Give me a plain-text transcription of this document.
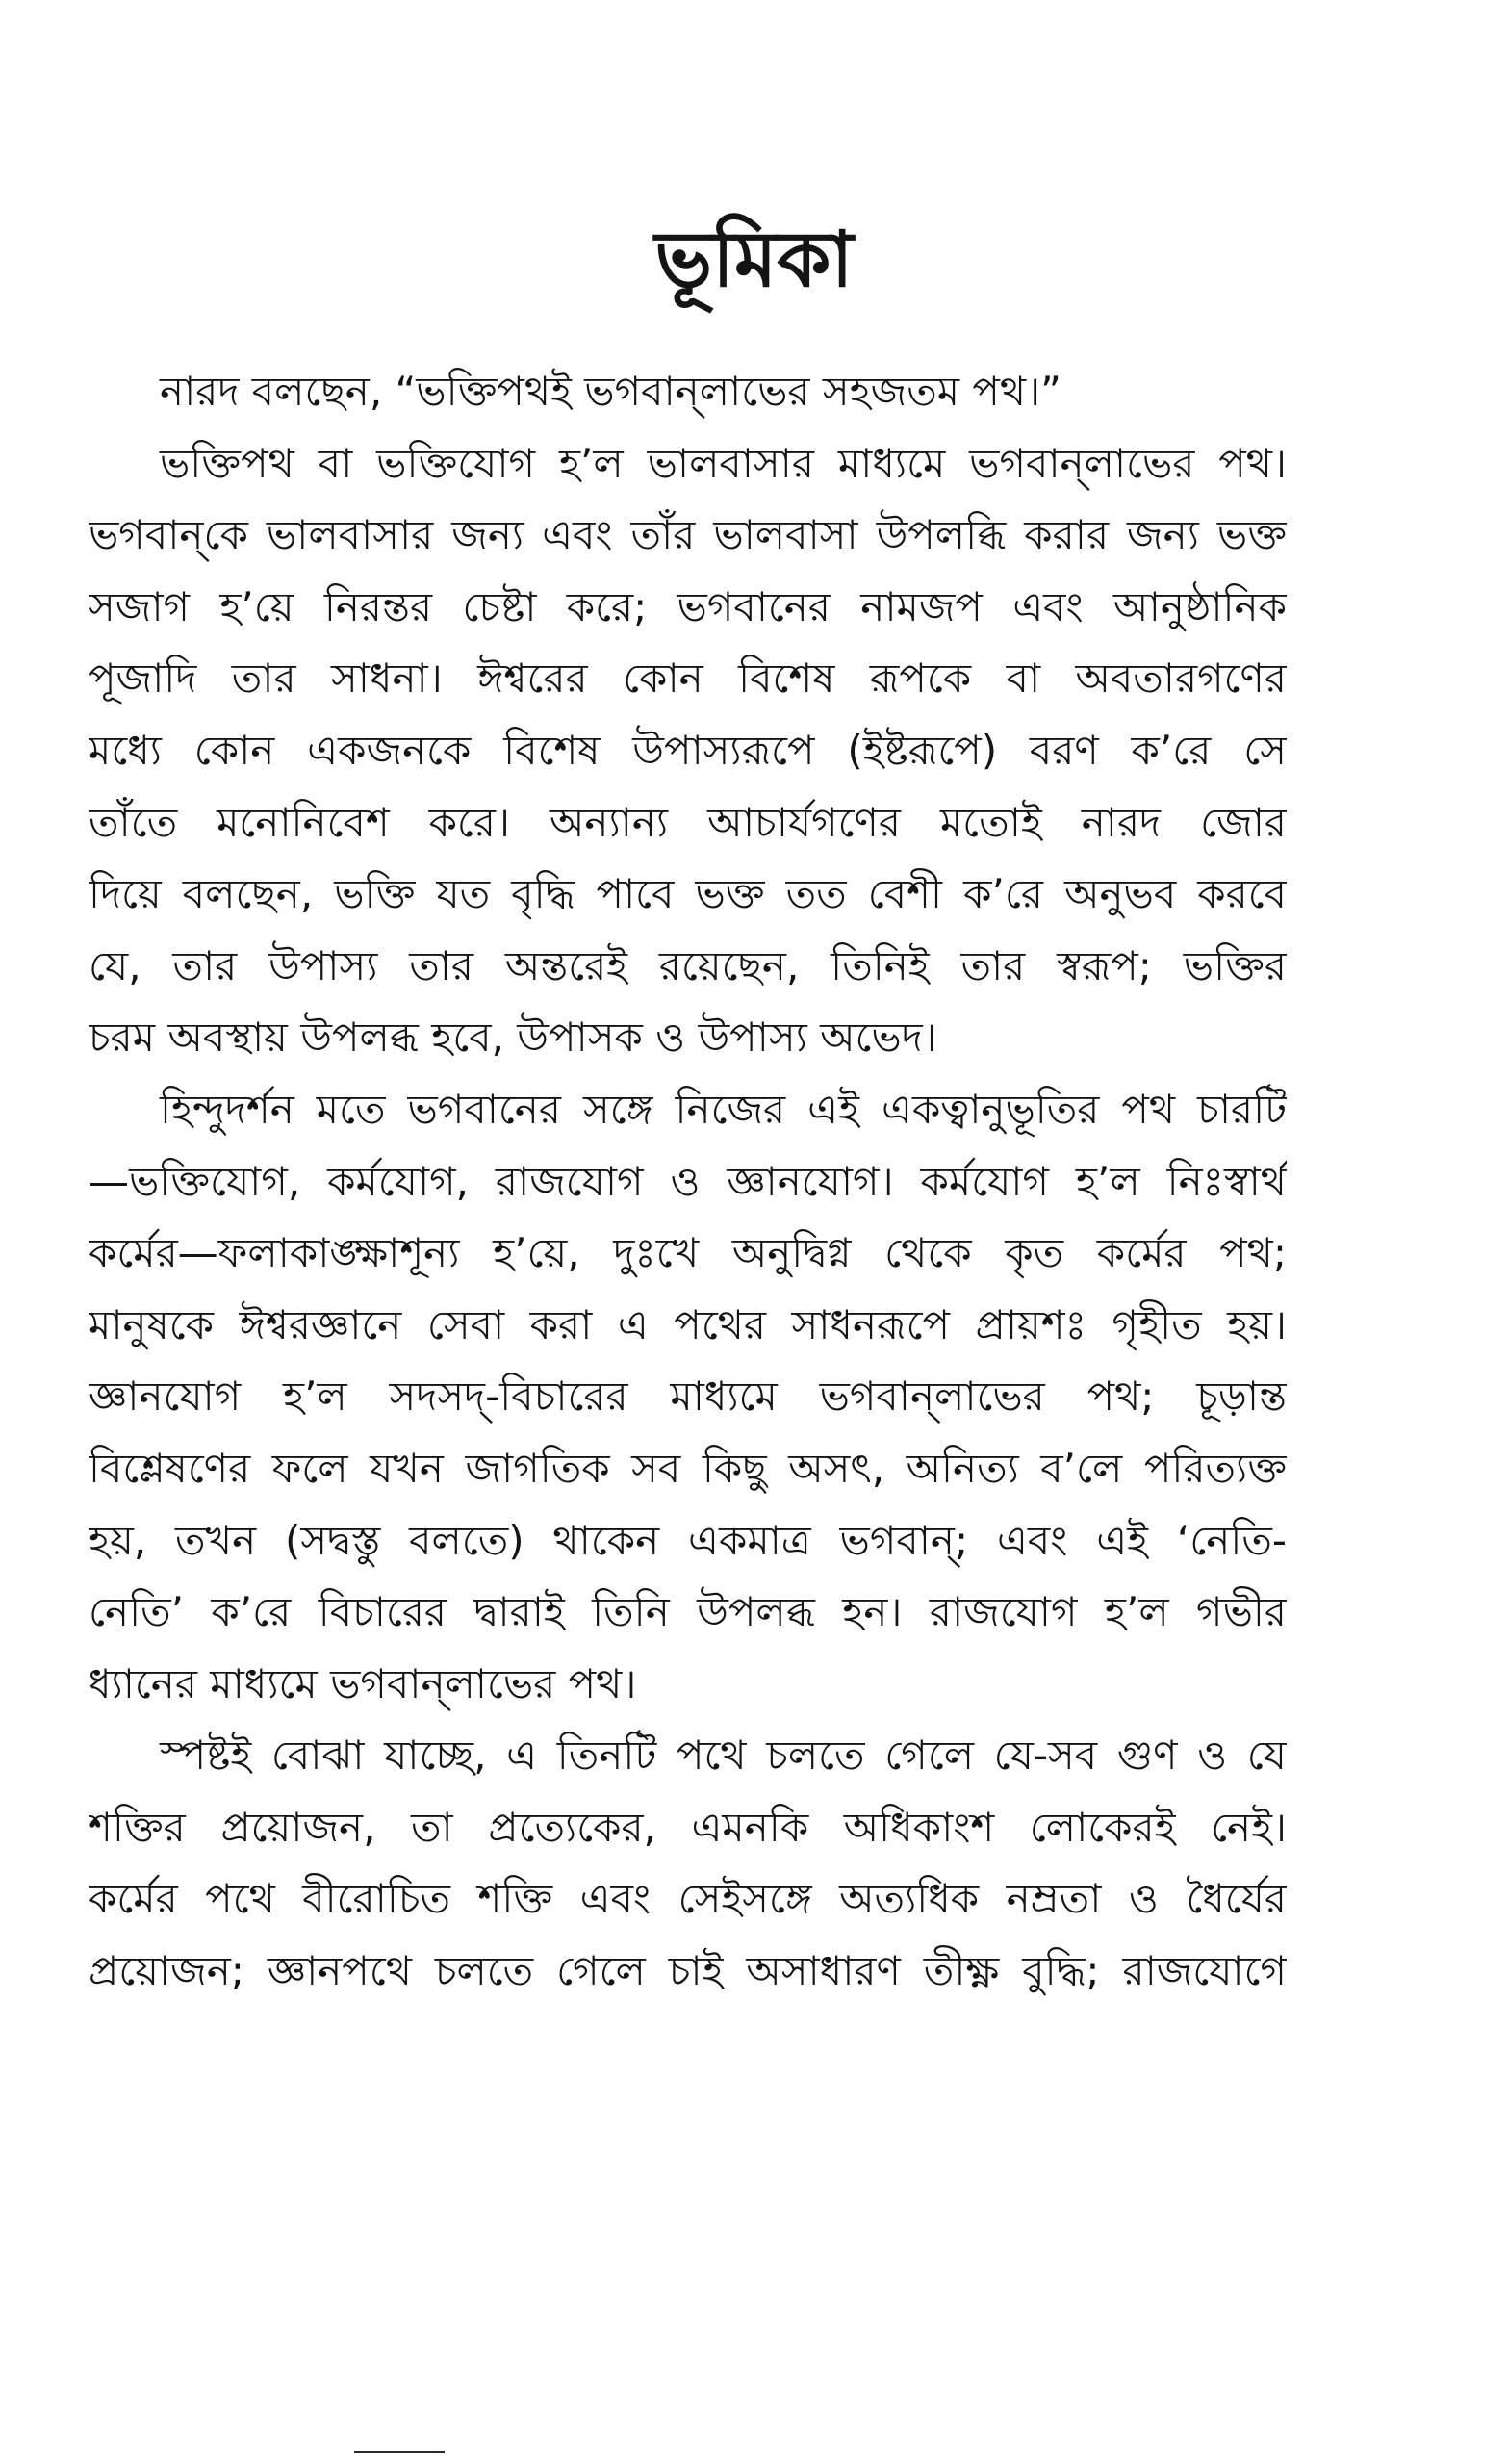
ভূমিকা
নারদ বলছেন, “ভক্তিপথই ভগবান্‌লাভের সহজতম পথ।”
ভক্তিপথ বা ভক্তিযোগ হ’ল ভালবাসার মাধ্যমে ভগবান্‌লাভের পথ।
ভগবান্‌কে ভালবাসার জন্য এবং তাঁর ভালবাসা উপলব্ধি করার জন্য ভক্ত
সজাগ হ’য়ে নিরন্তর চেষ্টা করে; ভগবানের নামজপ এবং আনুষ্ঠানিক
পূজাদি তার সাধনা। ঈশ্বরের কোন বিশেষ রূপকে বা অবতারগণের
মধ্যে কোন একজনকে বিশেষ উপাস্যরূপে (ইষ্টরূপে) বরণ ক’রে সে
তাঁতে মনোনিবেশ করে। অন্যান্য আচার্যগণের মতোই নারদ জোর
দিয়ে বলছেন, ভক্তি যত বৃদ্ধি পাবে ভক্ত তত বেশী ক’রে অনুভব করবে
যে, তার উপাস্য তার অন্তরেই রয়েছেন, তিনিই তার স্বরূপ; ভক্তির
চরম অবস্থায় উপলব্ধ হবে, উপাসক ও উপাস্য অভেদ।
হিন্দুদর্শন মতে ভগবানের সঙ্গে নিজের এই একত্বানুভূতির পথ চারটি
—ভক্তিযোগ, কর্মযোগ, রাজযোগ ও জ্ঞানযোগ। কর্মযোগ হ’ল নিঃস্বার্থ
কর্মের—ফলাকাঙ্ক্ষাশূন্য হ’য়ে, দুঃখে অনুদ্বিগ্ন থেকে কৃত কর্মের পথ;
মানুষকে ঈশ্বরজ্ঞানে সেবা করা এ পথের সাধনরূপে প্রায়শঃ গৃহীত হয়।
জ্ঞানযোগ হ’ল সদসদ্‌-বিচারের মাধ্যমে ভগবান্‌লাভের পথ; চূড়ান্ত
বিশ্লেষণের ফলে যখন জাগতিক সব কিছু অসৎ, অনিত্য ব’লে পরিত্যক্ত
হয়, তখন (সদ্বস্তু বলতে) থাকেন একমাত্র ভগবান্‌; এবং এই ‘নেতি-
নেতি’ ক’রে বিচারের দ্বারাই তিনি উপলব্ধ হন। রাজযোগ হ’ল গভীর
ধ্যানের মাধ্যমে ভগবান্‌লাভের পথ।
স্পষ্টই বোঝা যাচ্ছে, এ তিনটি পথে চলতে গেলে যে-সব গুণ ও যে
শক্তির প্রয়োজন, তা প্রত্যেকের, এমনকি অধিকাংশ লোকেরই নেই।
কর্মের পথে বীরোচিত শক্তি এবং সেইসঙ্গে অত্যধিক নম্রতা ও ধৈর্যের
প্রয়োজন; জ্ঞানপথে চলতে গেলে চাই অসাধারণ তীক্ষ্ণ বুদ্ধি; রাজযোগে
